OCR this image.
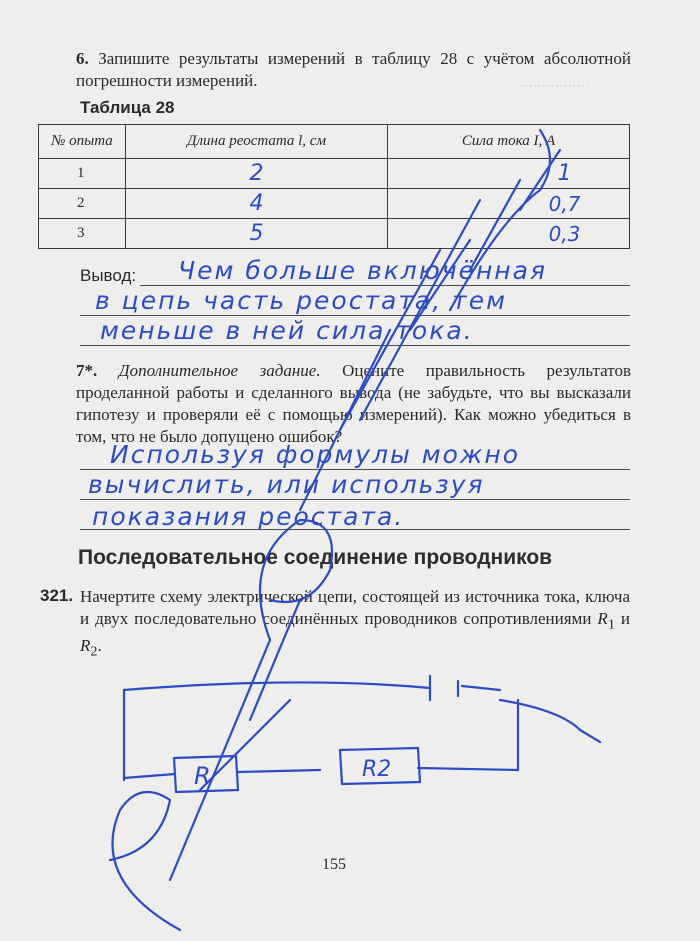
················
6. Запишите результаты измерений в таблицу 28 с учётом абсолютной погрешности измерений.
Таблица 28
№ опыта	Длина реостата l, см	Сила тока I, А
1	2	1
2	4	0,7
3	5	0,3
Вывод: Чем больше включённая
в цепь часть реостата, тем
меньше в ней сила тока.
7*. Дополнительное задание. Оцените правильность результатов проделанной работы и сделанного вывода (не забудьте, что вы высказали гипотезу и проверяли её с помощью измерений). Как можно убедиться в том, что не было допущено ошибок?
Используя формулы можно
вычислить, или используя
показания реостата.
Последовательное соединение проводников
321. Начертите схему электрической цепи, состоящей из источника тока, ключа и двух последовательно соединённых проводников сопротивлениями $R_1$ и $R_2$.
R	R2
155
